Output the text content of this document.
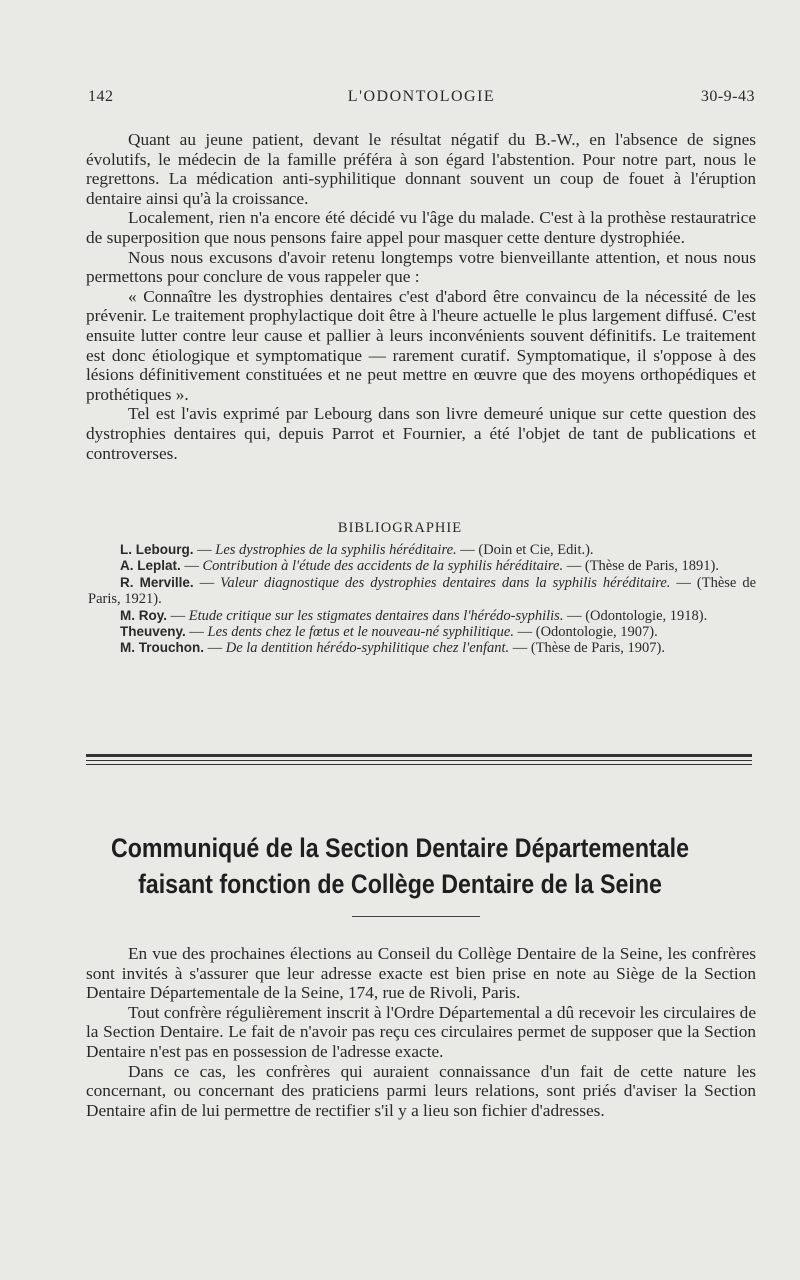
142	L'ODONTOLOGIE	30-9-43

Quant au jeune patient, devant le résultat négatif du B.-W., en l'absence de signes évolutifs, le médecin de la famille préféra à son égard l'abstention. Pour notre part, nous le regrettons. La médication anti-syphilitique donnant souvent un coup de fouet à l'éruption dentaire ainsi qu'à la croissance.

Localement, rien n'a encore été décidé vu l'âge du malade. C'est à la prothèse restauratrice de superposition que nous pensons faire appel pour masquer cette denture dystrophiée.

Nous nous excusons d'avoir retenu longtemps votre bienveillante attention, et nous nous permettons pour conclure de vous rappeler que :

« Connaître les dystrophies dentaires c'est d'abord être convaincu de la nécessité de les prévenir. Le traitement prophylactique doit être à l'heure actuelle le plus largement diffusé. C'est ensuite lutter contre leur cause et pallier à leurs inconvénients souvent définitifs. Le traitement est donc étiologique et symptomatique — rarement curatif. Symptomatique, il s'oppose à des lésions définitivement constituées et ne peut mettre en œuvre que des moyens orthopédiques et prothétiques ».

Tel est l'avis exprimé par Lebourg dans son livre demeuré unique sur cette question des dystrophies dentaires qui, depuis Parrot et Fournier, a été l'objet de tant de publications et controverses.

BIBLIOGRAPHIE

L. Lebourg. — Les dystrophies de la syphilis héréditaire. — (Doin et Cie, Edit.).

A. Leplat. — Contribution à l'étude des accidents de la syphilis héréditaire. — (Thèse de Paris, 1891).

R. Merville. — Valeur diagnostique des dystrophies dentaires dans la syphilis héréditaire. — (Thèse de Paris, 1921).

M. Roy. — Etude critique sur les stigmates dentaires dans l'hérédo-syphilis. — (Odontologie, 1918).

Theuveny. — Les dents chez le fœtus et le nouveau-né syphilitique. — (Odontologie, 1907).

M. Trouchon. — De la dentition hérédo-syphilitique chez l'enfant. — (Thèse de Paris, 1907).

Communiqué de la Section Dentaire Départementale
faisant fonction de Collège Dentaire de la Seine

En vue des prochaines élections au Conseil du Collège Dentaire de la Seine, les confrères sont invités à s'assurer que leur adresse exacte est bien prise en note au Siège de la Section Dentaire Départementale de la Seine, 174, rue de Rivoli, Paris.

Tout confrère régulièrement inscrit à l'Ordre Départemental a dû recevoir les circulaires de la Section Dentaire. Le fait de n'avoir pas reçu ces circulaires permet de supposer que la Section Dentaire n'est pas en possession de l'adresse exacte.

Dans ce cas, les confrères qui auraient connaissance d'un fait de cette nature les concernant, ou concernant des praticiens parmi leurs relations, sont priés d'aviser la Section Dentaire afin de lui permettre de rectifier s'il y a lieu son fichier d'adresses.
